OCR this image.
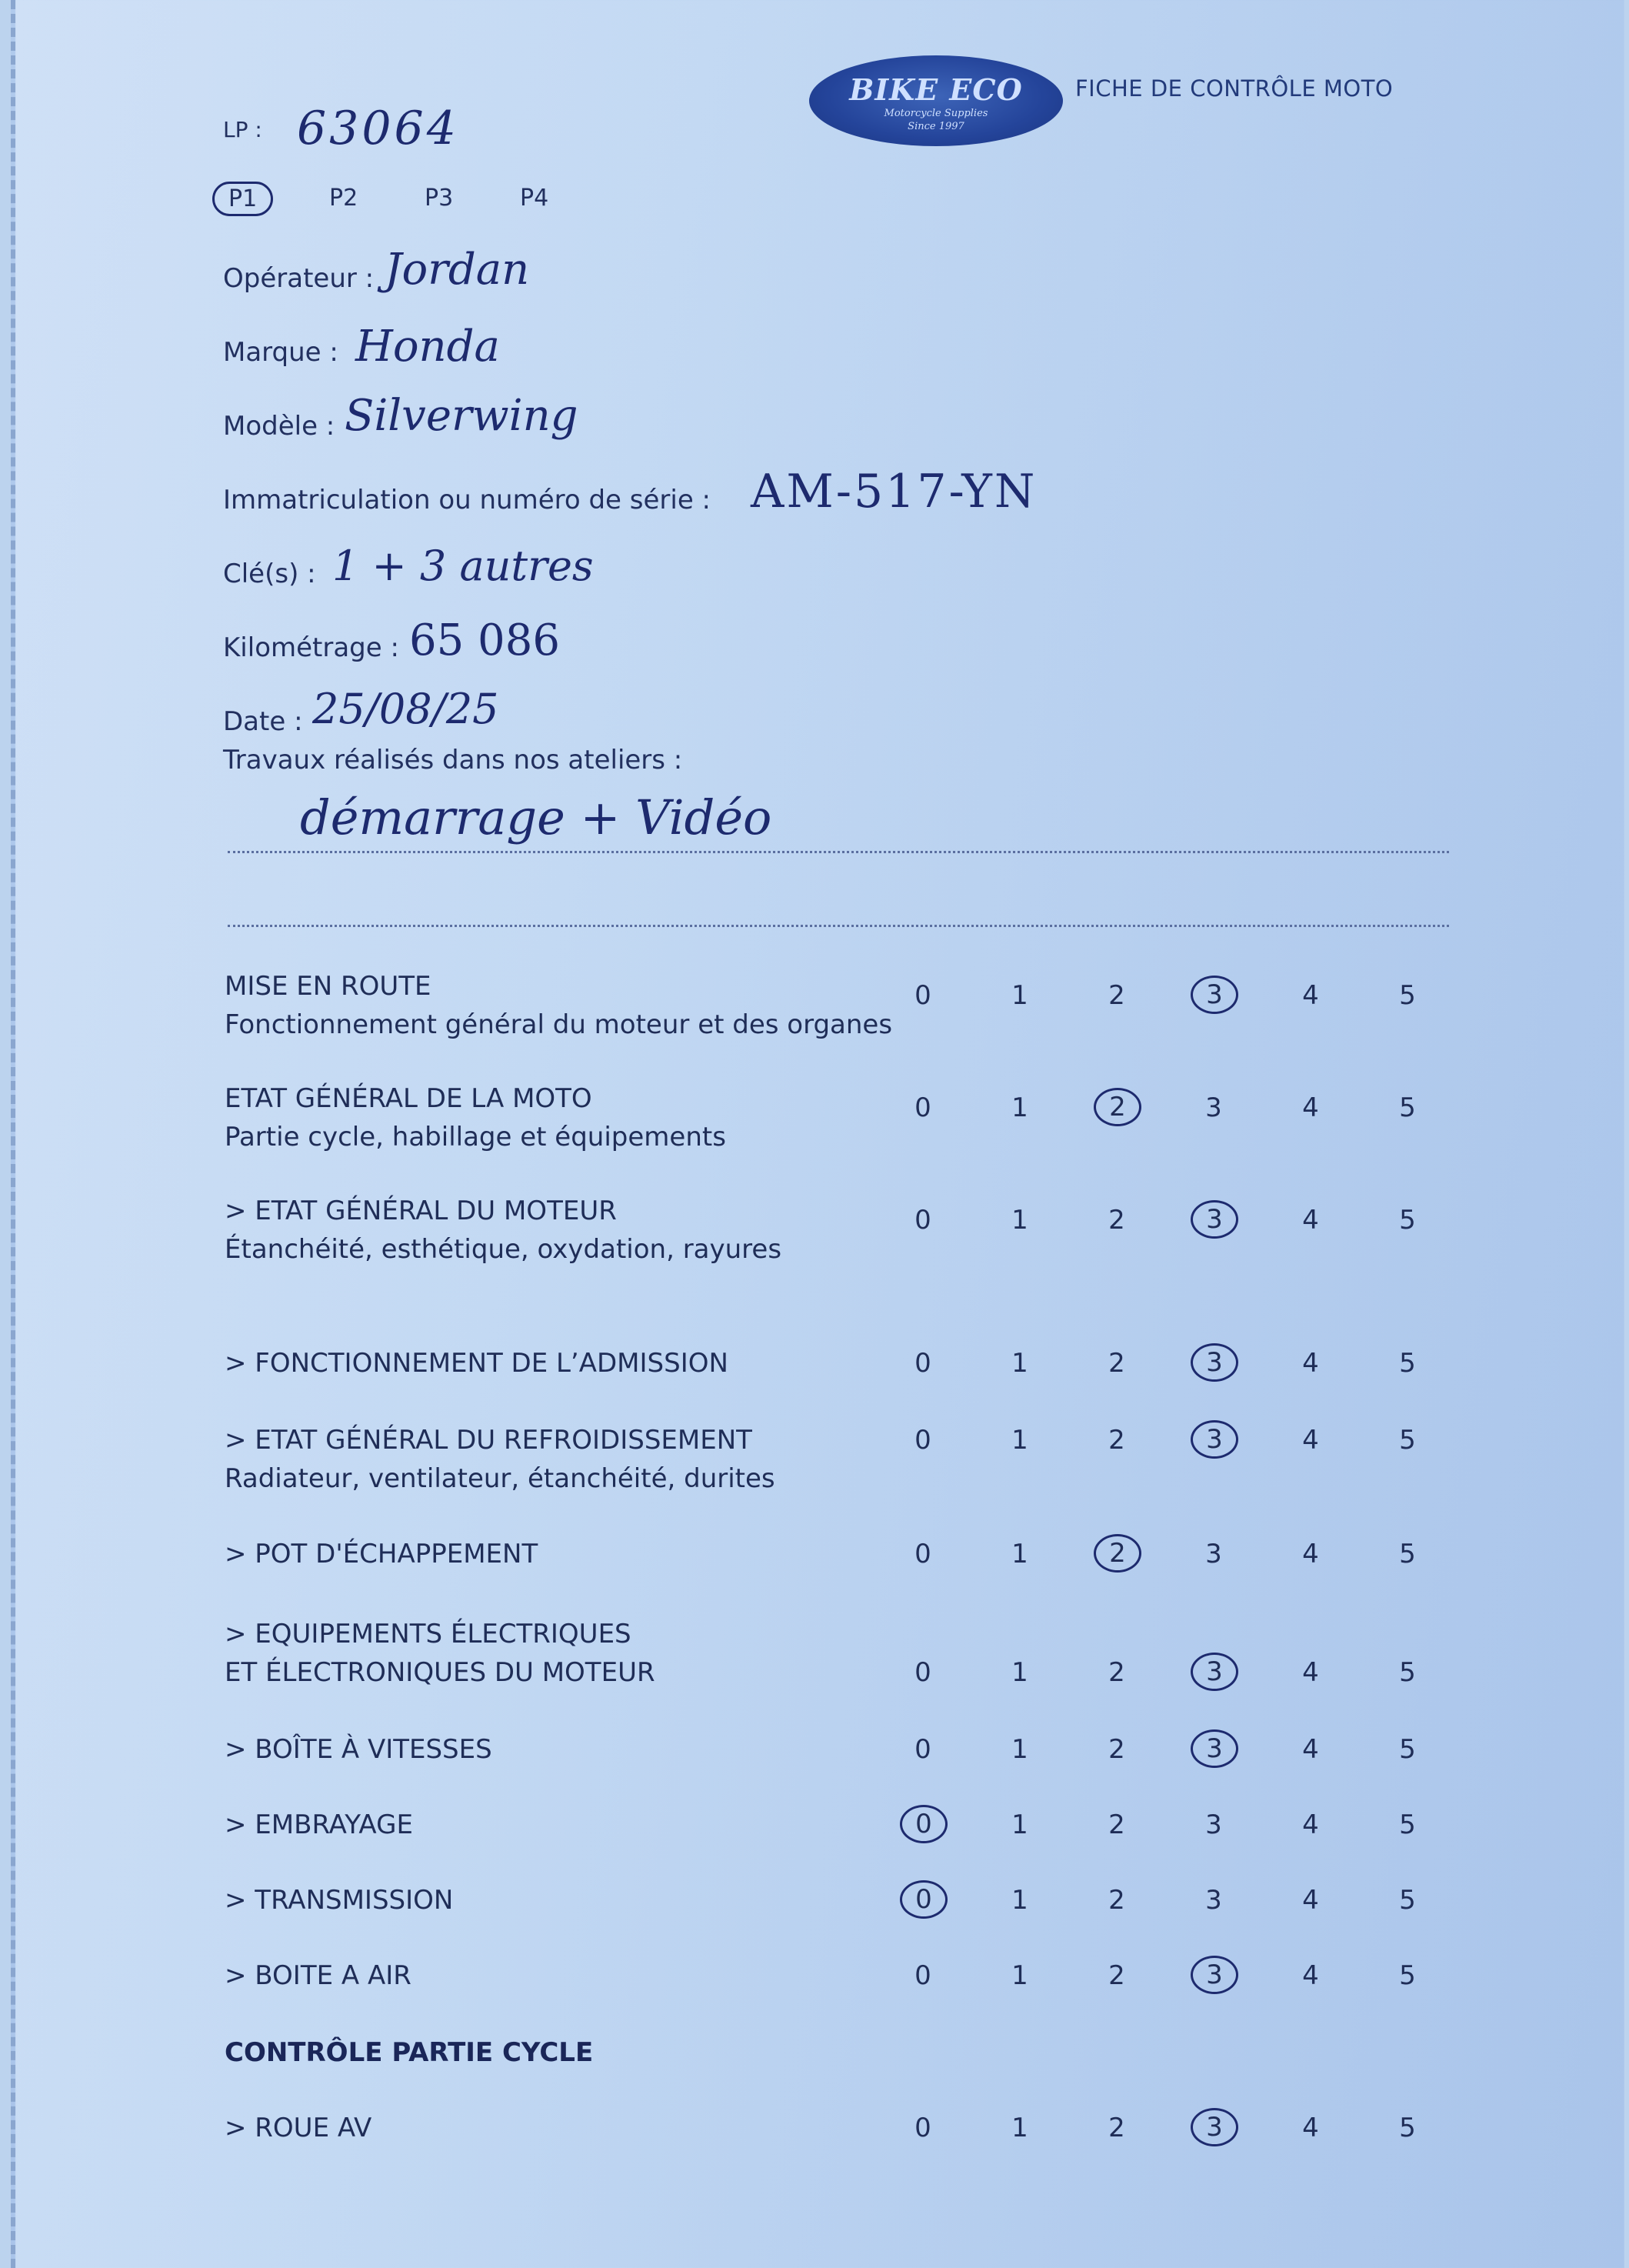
BIKE ECO
Motorcycle Supplies
Since 1997
FICHE DE CONTRÔLE MOTO
LP : 63064
P1	P2	P3	P4
Opérateur : Jordan
Marque : Honda
Modèle : Silverwing
Immatriculation ou numéro de série : AM-517-YN
Clé(s) : 1 + 3 autres
Kilométrage : 65 086
Date : 25/08/25
Travaux réalisés dans nos ateliers :
démarrage + Vidéo
MISE EN ROUTE
Fonctionnement général du moteur et des organes
0	1	2	3	4	5
ETAT GÉNÉRAL DE LA MOTO
Partie cycle, habillage et équipements
0	1	2	3	4	5
> ETAT GÉNÉRAL DU MOTEUR
Étanchéité, esthétique, oxydation, rayures
0	1	2	3	4	5
> FONCTIONNEMENT DE L’ADMISSION	0	1	2	3	4	5
> ETAT GÉNÉRAL DU REFROIDISSEMENT
Radiateur, ventilateur, étanchéité, durites
0	1	2	3	4	5
> POT D'ÉCHAPPEMENT	0	1	2	3	4	5
> EQUIPEMENTS ÉLECTRIQUES
ET ÉLECTRONIQUES DU MOTEUR	0	1	2	3	4	5
> BOÎTE À VITESSES	0	1	2	3	4	5
> EMBRAYAGE	0	1	2	3	4	5
> TRANSMISSION	0	1	2	3	4	5
> BOITE A AIR	0	1	2	3	4	5
CONTRÔLE PARTIE CYCLE
> ROUE AV	0	1	2	3	4	5
